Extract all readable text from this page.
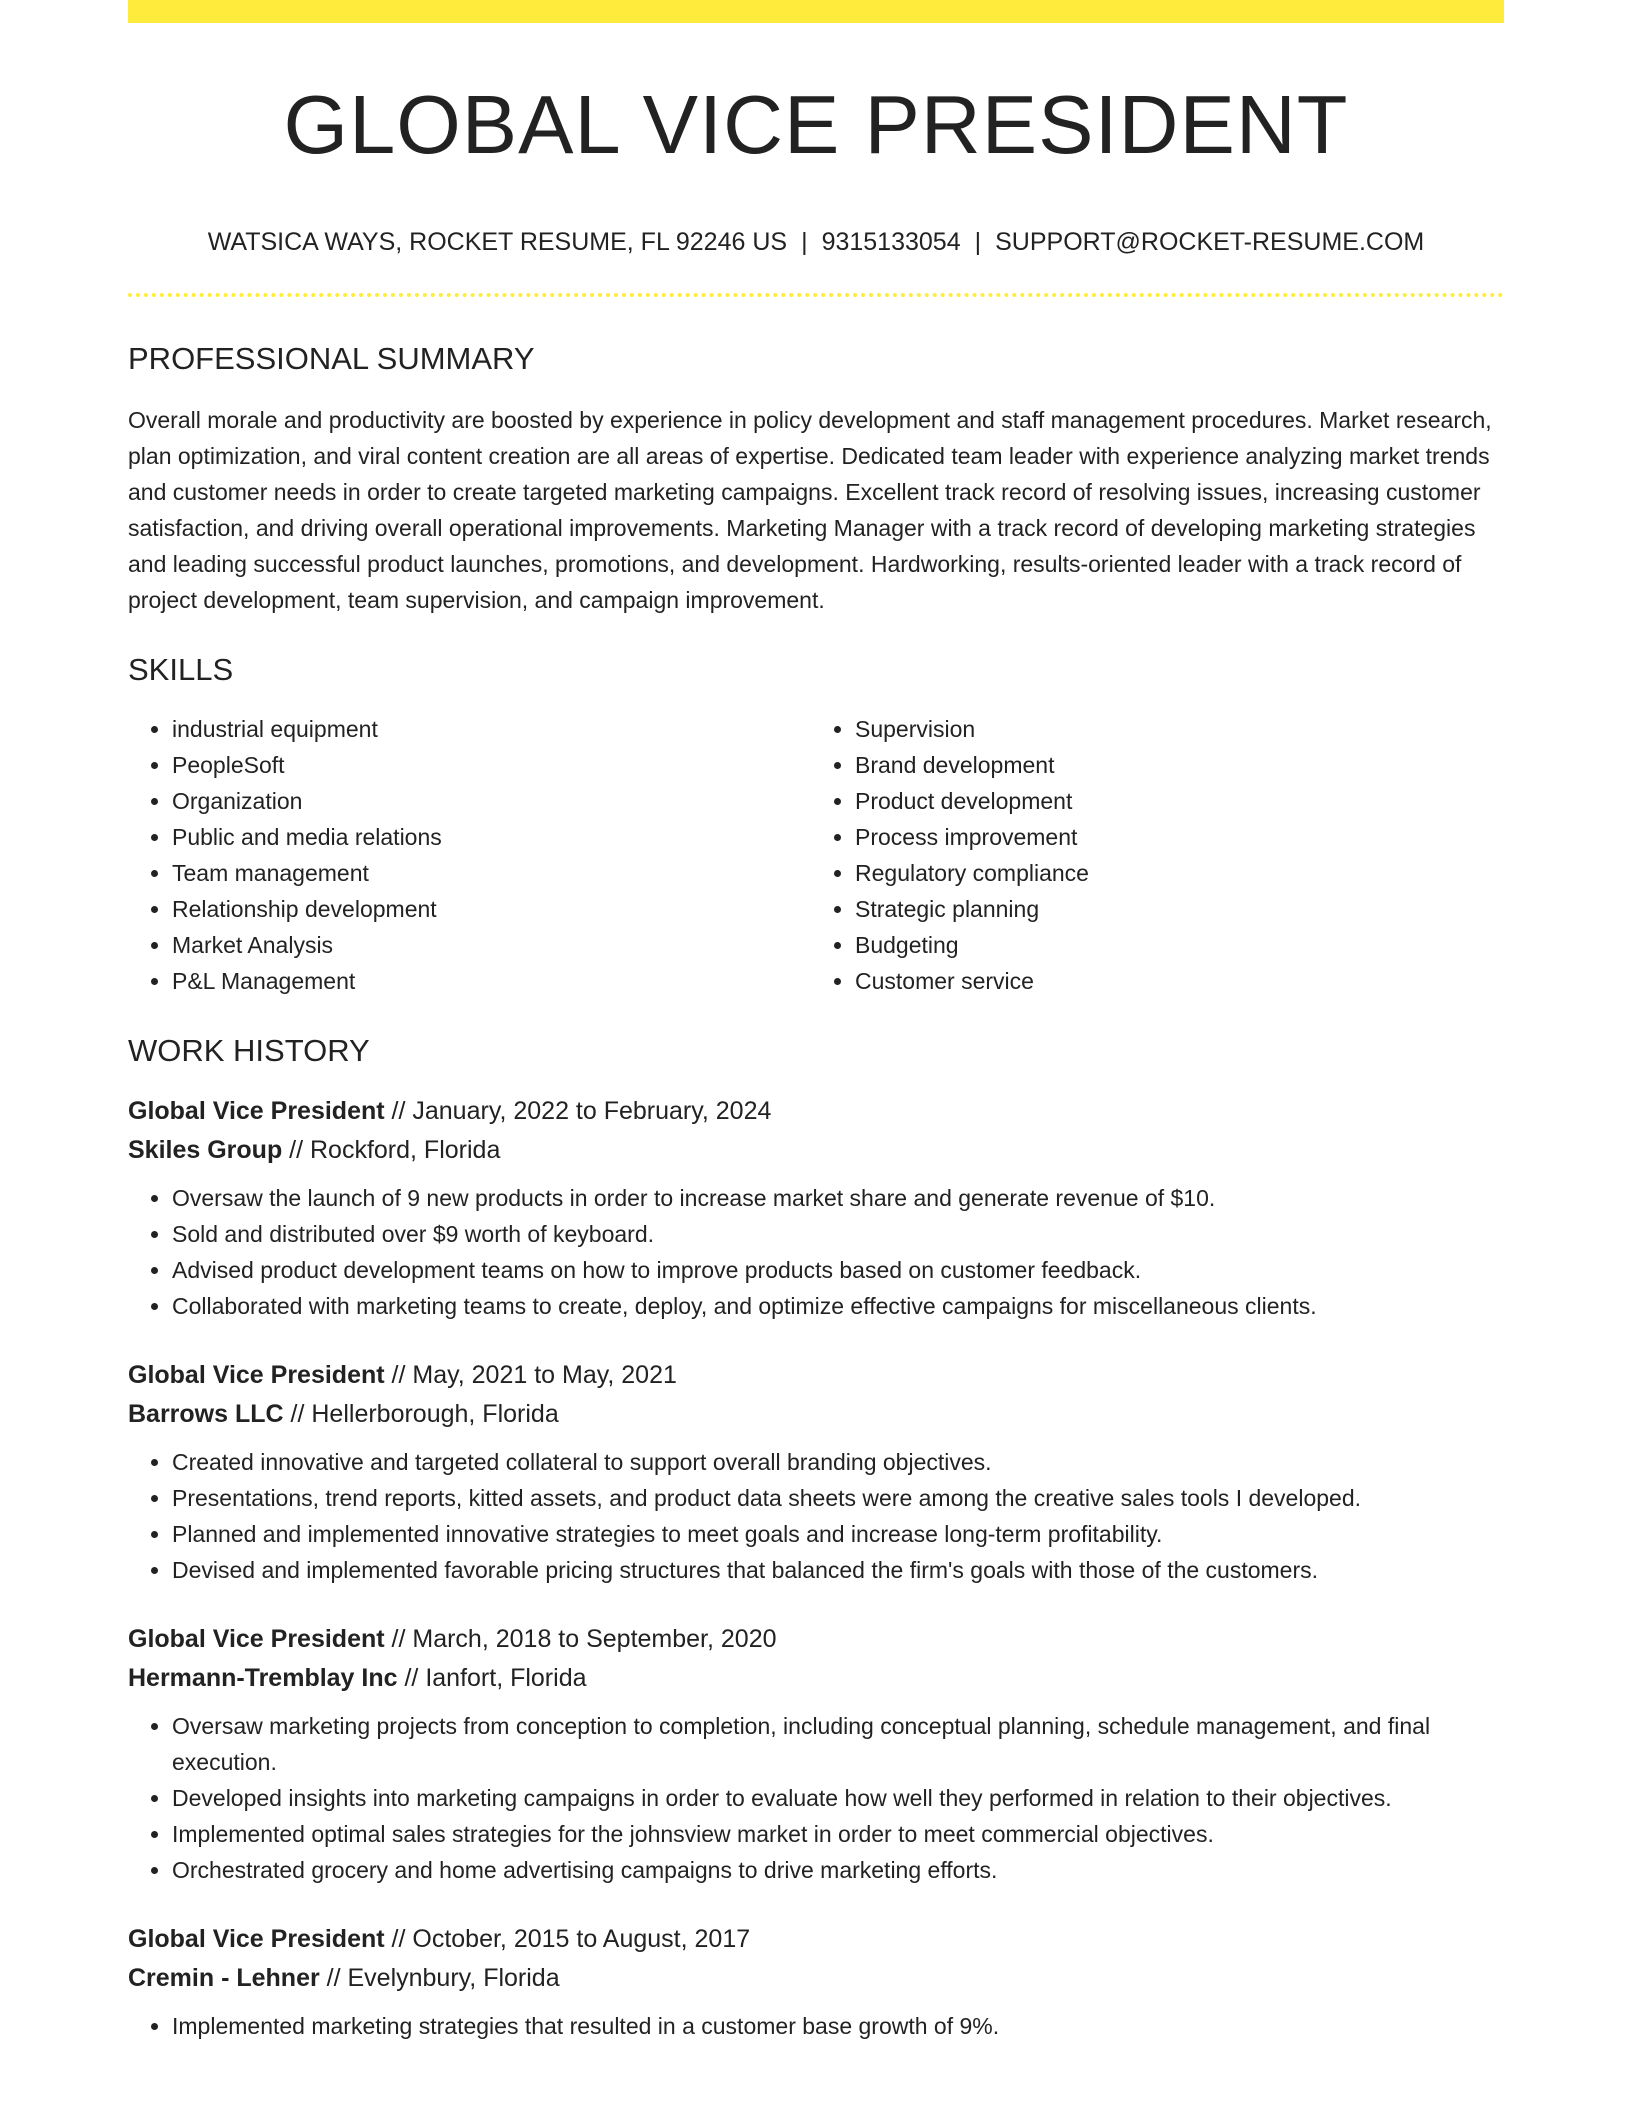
GLOBAL VICE PRESIDENT
WATSICA WAYS, ROCKET RESUME, FL 92246 US | 9315133054 | SUPPORT@ROCKET-RESUME.COM
PROFESSIONAL SUMMARY

Overall morale and productivity are boosted by experience in policy development and staff management procedures. Market research, plan optimization, and viral content creation are all areas of expertise. Dedicated team leader with experience analyzing market trends and customer needs in order to create targeted marketing campaigns. Excellent track record of resolving issues, increasing customer satisfaction, and driving overall operational improvements. Marketing Manager with a track record of developing marketing strategies and leading successful product launches, promotions, and development. Hardworking, results-oriented leader with a track record of project development, team supervision, and campaign improvement.

SKILLS
• industrial equipment
• PeopleSoft
• Organization
• Public and media relations
• Team management
• Relationship development
• Market Analysis
• P&L Management
• Supervision
• Brand development
• Product development
• Process improvement
• Regulatory compliance
• Strategic planning
• Budgeting
• Customer service
WORK HISTORY
Global Vice President // January, 2022 to February, 2024
Skiles Group // Rockford, Florida
• Oversaw the launch of 9 new products in order to increase market share and generate revenue of $10.
• Sold and distributed over $9 worth of keyboard.
• Advised product development teams on how to improve products based on customer feedback.
• Collaborated with marketing teams to create, deploy, and optimize effective campaigns for miscellaneous clients.
Global Vice President // May, 2021 to May, 2021
Barrows LLC // Hellerborough, Florida
• Created innovative and targeted collateral to support overall branding objectives.
• Presentations, trend reports, kitted assets, and product data sheets were among the creative sales tools I developed.
• Planned and implemented innovative strategies to meet goals and increase long-term profitability.
• Devised and implemented favorable pricing structures that balanced the firm's goals with those of the customers.
Global Vice President // March, 2018 to September, 2020
Hermann-Tremblay Inc // Ianfort, Florida
• Oversaw marketing projects from conception to completion, including conceptual planning, schedule management, and final execution.
• Developed insights into marketing campaigns in order to evaluate how well they performed in relation to their objectives.
• Implemented optimal sales strategies for the johnsview market in order to meet commercial objectives.
• Orchestrated grocery and home advertising campaigns to drive marketing efforts.
Global Vice President // October, 2015 to August, 2017
Cremin - Lehner // Evelynbury, Florida
• Implemented marketing strategies that resulted in a customer base growth of 9%.
